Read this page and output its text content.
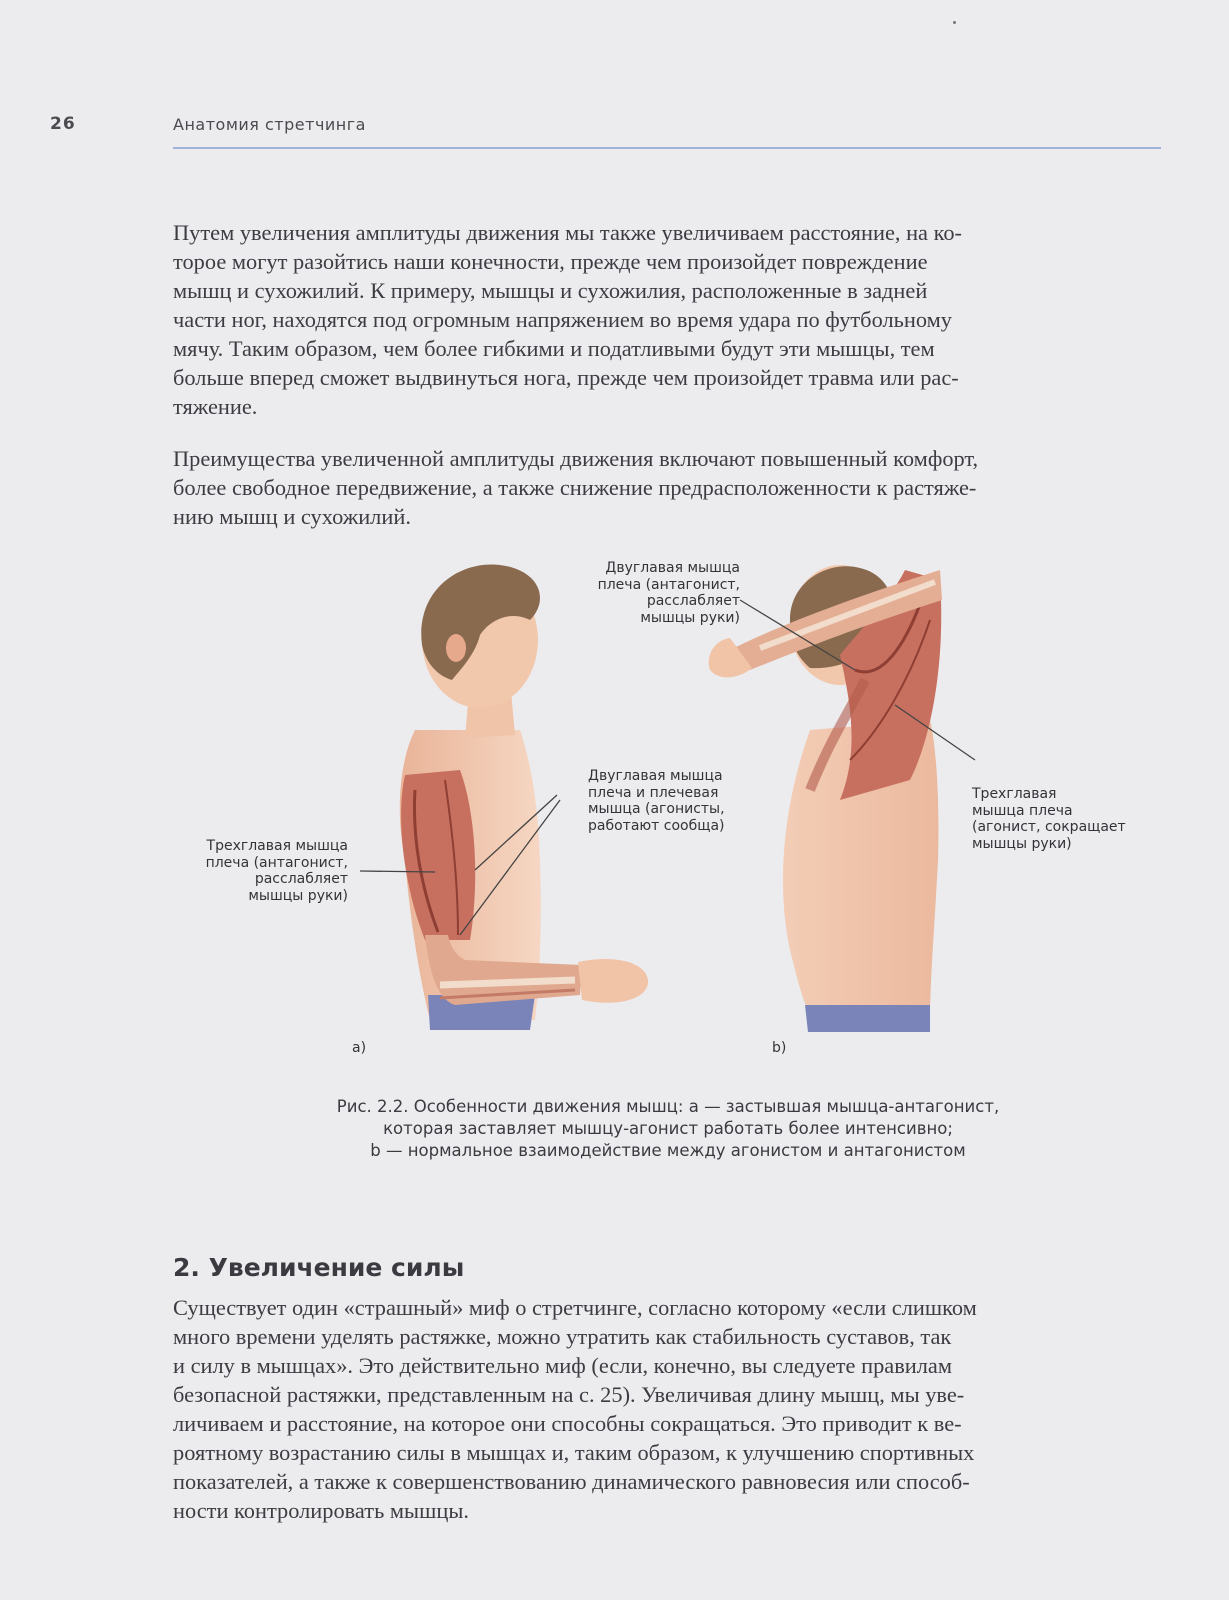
26	Анатомия стретчинга
Путем увеличения амплитуды движения мы также увеличиваем расстояние, на ко-
торое могут разойтись наши конечности, прежде чем произойдет повреждение
мышц и сухожилий. К примеру, мышцы и сухожилия, расположенные в задней
части ног, находятся под огромным напряжением во время удара по футбольному
мячу. Таким образом, чем более гибкими и податливыми будут эти мышцы, тем
больше вперед сможет выдвинуться нога, прежде чем произойдет травма или рас-
тяжение.
Преимущества увеличенной амплитуды движения включают повышенный комфорт,
более свободное передвижение, а также снижение предрасположенности к растяже-
нию мышц и сухожилий.
Трехглавая мышца
плеча (антагонист,
расслабляет
мышцы руки)
Двуглавая мышца
плеча и плечевая
мышца (агонисты,
работают сообща)
Двуглавая мышца
плеча (антагонист,
расслабляет
мышцы руки)
Трехглавая
мышца плеча
(агонист, сокращает
мышцы руки)
a)	b)
Рис. 2.2. Особенности движения мышц: a — застывшая мышца-антагонист,
которая заставляет мышцу-агонист работать более интенсивно;
b — нормальное взаимодействие между агонистом и антагонистом
2. Увеличение силы
Существует один «страшный» миф о стретчинге, согласно которому «если слишком
много времени уделять растяжке, можно утратить как стабильность суставов, так
и силу в мышцах». Это действительно миф (если, конечно, вы следуете правилам
безопасной растяжки, представленным на с. 25). Увеличивая длину мышц, мы уве-
личиваем и расстояние, на которое они способны сокращаться. Это приводит к ве-
роятному возрастанию силы в мышцах и, таким образом, к улучшению спортивных
показателей, а также к совершенствованию динамического равновесия или способ-
ности контролировать мышцы.
